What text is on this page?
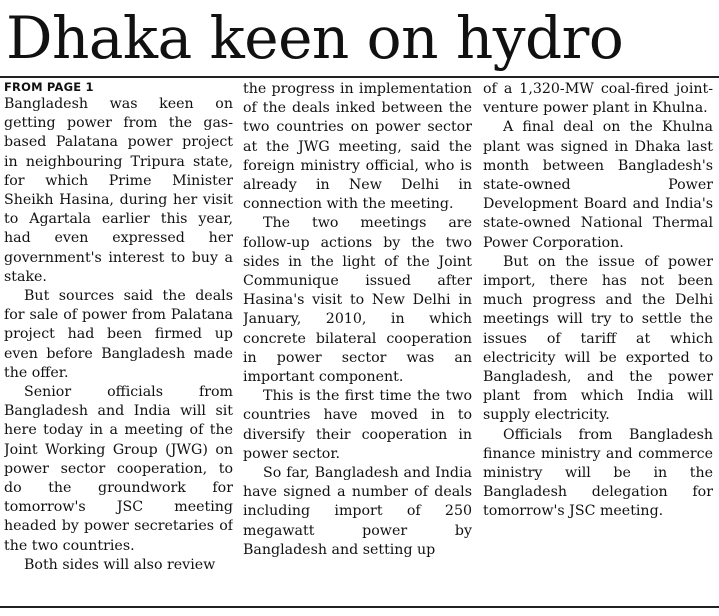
Dhaka keen on hydro
FROM PAGE 1

Bangladesh was keen on getting power from the gas-based Palatana power project in neighbouring Tripura state, for which Prime Minister Sheikh Hasina, during her visit to Agartala earlier this year, had even expressed her government's interest to buy a stake.

But sources said the deals for sale of power from Palatana project had been firmed up even before Bangladesh made the offer.

Senior officials from Bangladesh and India will sit here today in a meeting of the Joint Working Group (JWG) on power sector cooperation, to do the groundwork for tomorrow's JSC meeting headed by power secretaries of the two countries.

Both sides will also review

the progress in implementation of the deals inked between the two countries on power sector at the JWG meeting, said the foreign ministry official, who is already in New Delhi in connection with the meeting.

The two meetings are follow-up actions by the two sides in the light of the Joint Communique issued after Hasina's visit to New Delhi in January, 2010, in which concrete bilateral cooperation in power sector was an important component.

This is the first time the two countries have moved in to diversify their cooperation in power sector.

So far, Bangladesh and India have signed a number of deals including import of 250 megawatt power by Bangladesh and setting up

of a 1,320-MW coal-fired joint-venture power plant in Khulna.

A final deal on the Khulna plant was signed in Dhaka last month between Bangladesh's state-owned Power Development Board and India's state-owned National Thermal Power Corporation.

But on the issue of power import, there has not been much progress and the Delhi meetings will try to settle the issues of tariff at which electricity will be exported to Bangladesh, and the power plant from which India will supply electricity.

Officials from Bangladesh finance ministry and commerce ministry will be in the Bangladesh delegation for tomorrow's JSC meeting.
